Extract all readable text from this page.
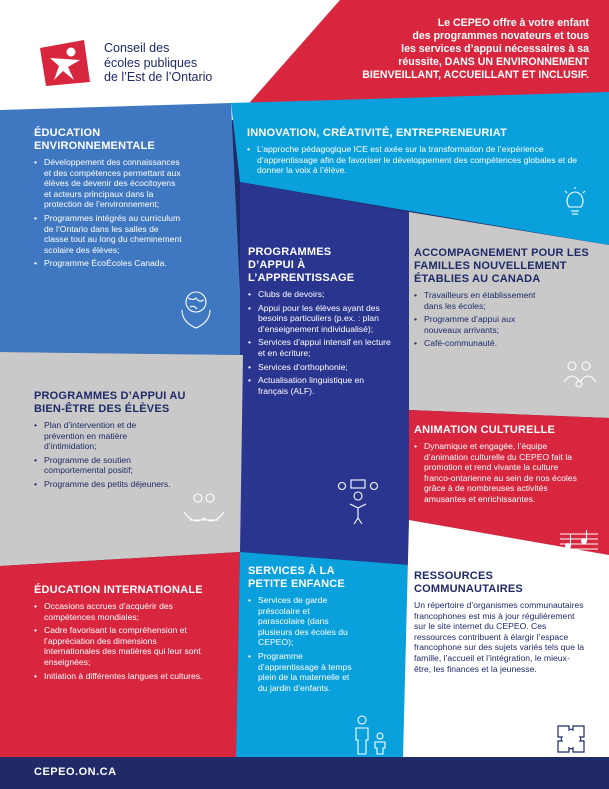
Conseil des
écoles publiques
de l’Est de l’Ontario
Le CEPEO offre à votre enfant
des programmes novateurs et tous
les services d’appui nécessaires à sa
réussite, DANS UN ENVIRONNEMENT
BIENVEILLANT, ACCUEILLANT ET INCLUSIF.
ÉDUCATION ENVIRONNEMENTALE
• Développement des connaissances et des compétences permettant aux élèves de devenir des écocitoyens et acteurs principaux dans la protection de l’environnement;
• Programmes intégrés au curriculum de l’Ontario dans les salles de classe tout au long du cheminement scolaire des élèves;
• Programme ÉcoÉcoles Canada.
INNOVATION, CRÉATIVITÉ, ENTREPRENEURIAT
• L’approche pédagogique ICE est axée sur la transformation de l’expérience d’apprentissage afin de favoriser le développement des compétences globales et de donner la voix à l’élève.
PROGRAMMES D’APPUI À L’APPRENTISSAGE
• Clubs de devoirs;
• Appui pour les élèves ayant des besoins particuliers (p.ex. : plan d’enseignement individualisé);
• Services d’appui intensif en lecture et en écriture;
• Services d’orthophonie;
• Actualisation linguistique en français (ALF).
ACCOMPAGNEMENT POUR LES FAMILLES NOUVELLEMENT ÉTABLIES AU CANADA
• Travailleurs en établissement dans les écoles;
• Programme d’appui aux nouveaux arrivants;
• Café-communauté.
PROGRAMMES D’APPUI AU BIEN-ÊTRE DES ÉLÈVES
• Plan d’intervention et de prévention en matière d’intimidation;
• Programme de soutien comportemental positif;
• Programme des petits déjeuners.
ANIMATION CULTURELLE
• Dynamique et engagée, l’équipe d’animation culturelle du CEPEO fait la promotion et rend vivante la culture franco-ontarienne au sein de nos écoles grâce à de nombreuses activités amusantes et enrichissantes.
ÉDUCATION INTERNATIONALE
• Occasions accrues d’acquérir des compétences mondiales;
• Cadre favorisant la compréhension et l’appréciation des dimensions internationales des matières qui leur sont enseignées;
• Initiation à différentes langues et cultures.
SERVICES À LA PETITE ENFANCE
• Services de garde préscolaire et parascolaire (dans plusieurs des écoles du CEPEO);
• Programme d’apprentissage à temps plein de la maternelle et du jardin d’enfants.
RESSOURCES COMMUNAUTAIRES
Un répertoire d’organismes communautaires francophones est mis à jour régulièrement sur le site internet du CEPEO. Ces ressources contribuent à élargir l’espace francophone sur des sujets variés tels que la famille, l’accueil et l’intégration, le mieux-être, les finances et la jeunesse.
CEPEO.ON.CA
